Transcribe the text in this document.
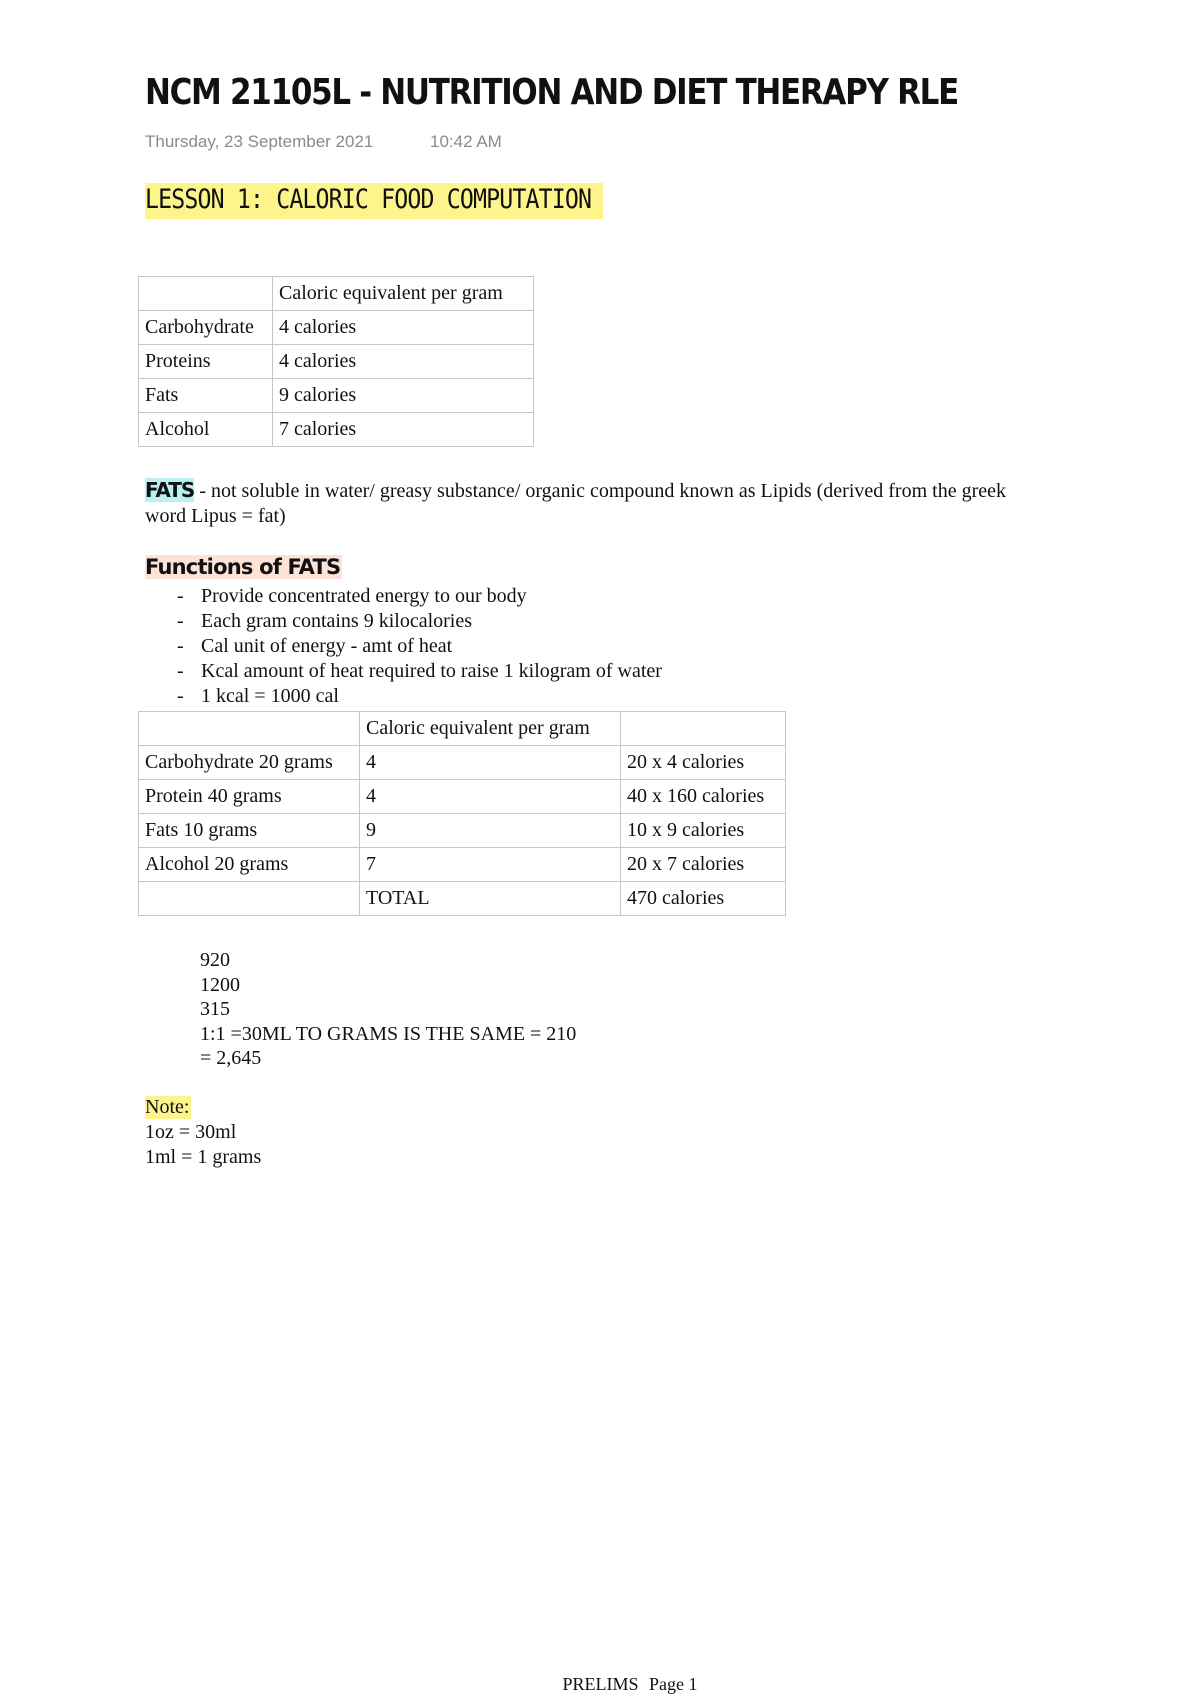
NCM 21105L - NUTRITION AND DIET THERAPY RLE
Thursday, 23 September 2021	10:42 AM
LESSON 1: CALORIC FOOD COMPUTATION
	Caloric equivalent per gram
Carbohydrate	4 calories
Proteins	4 calories
Fats	9 calories
Alcohol	7 calories
FATS - not soluble in water/ greasy substance/ organic compound known as Lipids (derived from the greek word Lipus = fat)
Functions of FATS
- Provide concentrated energy to our body
- Each gram contains 9 kilocalories
- Cal unit of energy - amt of heat
- Kcal amount of heat required to raise 1 kilogram of water
- 1 kcal = 1000 cal
	Caloric equivalent per gram	
Carbohydrate 20 grams	4	20 x 4 calories
Protein 40 grams	4	40 x 160 calories
Fats 10 grams	9	10 x 9 calories
Alcohol 20 grams	7	20 x 7 calories
	TOTAL	470 calories
920
1200
315
1:1 =30ML TO GRAMS IS THE SAME = 210
= 2,645
Note:
1oz = 30ml
1ml = 1 grams
PRELIMS Page 1
